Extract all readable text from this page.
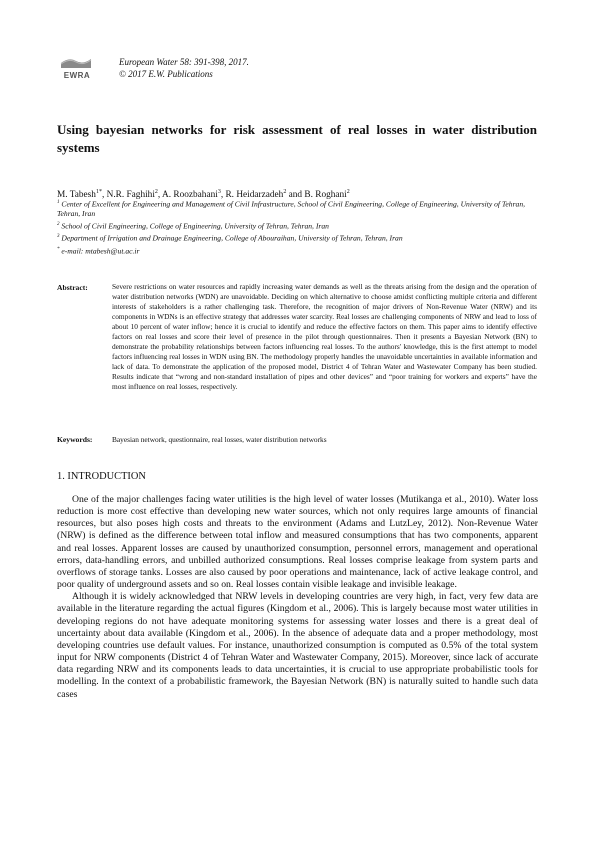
EWRA
European Water 58: 391-398, 2017.
© 2017 E.W. Publications
Using bayesian networks for risk assessment of real losses in water distribution systems
M. Tabesh$^{1*}$, N.R. Faghihi$^2$, A. Roozbahani$^3$, R. Heidarzadeh$^2$ and B. Roghani$^2$
$^1$ Center of Excellent for Engineering and Management of Civil Infrastructure, School of Civil Engineering, College of Engineering, University of Tehran, Tehran, Iran
$^2$ School of Civil Engineering, College of Engineering, University of Tehran, Tehran, Iran
$^3$ Department of Irrigation and Drainage Engineering, College of Abouraihan, University of Tehran, Tehran, Iran
* e-mail: mtabesh@ut.ac.ir
Abstract:	Severe restrictions on water resources and rapidly increasing water demands as well as the threats arising from the design and the operation of water distribution networks (WDN) are unavoidable. Deciding on which alternative to choose amidst conflicting multiple criteria and different interests of stakeholders is a rather challenging task. Therefore, the recognition of major drivers of Non-Revenue Water (NRW) and its components in WDNs is an effective strategy that addresses water scarcity. Real losses are challenging components of NRW and lead to loss of about 10 percent of water inflow; hence it is crucial to identify and reduce the effective factors on them. This paper aims to identify effective factors on real losses and score their level of presence in the pilot through questionnaires. Then it presents a Bayesian Network (BN) to demonstrate the probability relationships between factors influencing real losses. To the authors' knowledge, this is the first attempt to model factors influencing real losses in WDN using BN. The methodology properly handles the unavoidable uncertainties in available information and lack of data. To demonstrate the application of the proposed model, District 4 of Tehran Water and Wastewater Company has been studied. Results indicate that “wrong and non-standard installation of pipes and other devices” and “poor training for workers and experts” have the most influence on real losses, respectively.
Keywords:	Bayesian network, questionnaire, real losses, water distribution networks
1. INTRODUCTION

One of the major challenges facing water utilities is the high level of water losses (Mutikanga et al., 2010). Water loss reduction is more cost effective than developing new water sources, which not only requires large amounts of financial resources, but also poses high costs and threats to the environment (Adams and LutzLey, 2012). Non-Revenue Water (NRW) is defined as the difference between total inflow and measured consumptions that has two components, apparent and real losses. Apparent losses are caused by unauthorized consumption, personnel errors, management and operational errors, data-handling errors, and unbilled authorized consumptions. Real losses comprise leakage from system parts and overflows of storage tanks. Losses are also caused by poor operations and maintenance, lack of active leakage control, and poor quality of underground assets and so on. Real losses contain visible leakage and invisible leakage.

Although it is widely acknowledged that NRW levels in developing countries are very high, in fact, very few data are available in the literature regarding the actual figures (Kingdom et al., 2006). This is largely because most water utilities in developing regions do not have adequate monitoring systems for assessing water losses and there is a great deal of uncertainty about data available (Kingdom et al., 2006). In the absence of adequate data and a proper methodology, most developing countries use default values. For instance, unauthorized consumption is computed as 0.5% of the total system input for NRW components (District 4 of Tehran Water and Wastewater Company, 2015). Moreover, since lack of accurate data regarding NRW and its components leads to data uncertainties, it is crucial to use appropriate probabilistic tools for modelling. In the context of a probabilistic framework, the Bayesian Network (BN) is naturally suited to handle such data cases
